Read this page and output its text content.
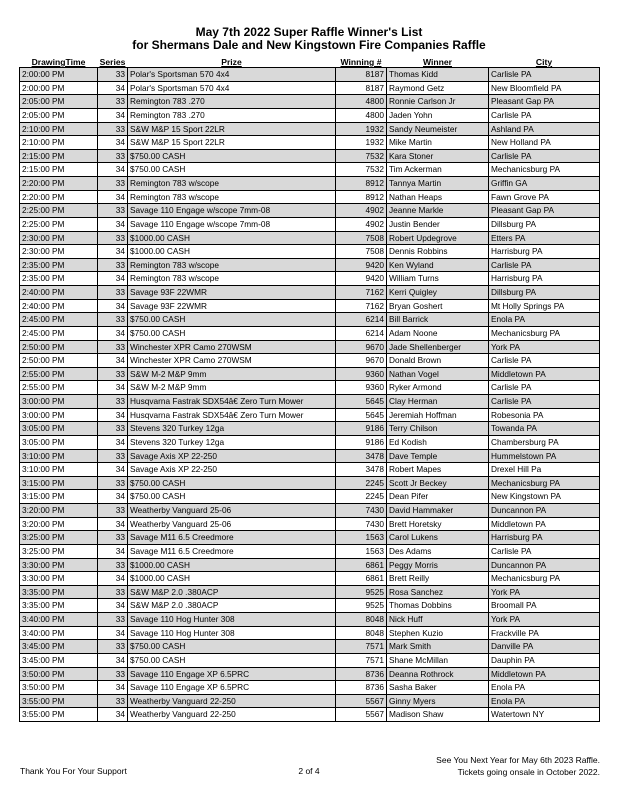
May 7th 2022 Super Raffle Winner's List
for Shermans Dale and New Kingstown Fire Companies Raffle
DrawingTime	Series	Prize	Winning #	Winner	City
2:00:00 PM	33	Polar's Sportsman 570 4x4	8187	Thomas Kidd	Carlisle PA
2:00:00 PM	34	Polar's Sportsman 570 4x4	8187	Raymond Getz	New Bloomfield PA
2:05:00 PM	33	Remington 783 .270	4800	Ronnie Carlson Jr	Pleasant Gap PA
2:05:00 PM	34	Remington 783 .270	4800	Jaden Yohn	Carlisle PA
2:10:00 PM	33	S&W M&P 15 Sport 22LR	1932	Sandy Neumeister	Ashland PA
2:10:00 PM	34	S&W M&P 15 Sport 22LR	1932	Mike Martin	New Holland PA
2:15:00 PM	33	$750.00 CASH	7532	Kara Stoner	Carlisle PA
2:15:00 PM	34	$750.00 CASH	7532	Tim Ackerman	Mechanicsburg PA
2:20:00 PM	33	Remington 783 w/scope	8912	Tannya Martin	Griffin GA
2:20:00 PM	34	Remington 783 w/scope	8912	Nathan Heaps	Fawn Grove PA
2:25:00 PM	33	Savage 110 Engage w/scope 7mm-08	4902	Jeanne Markle	Pleasant Gap PA
2:25:00 PM	34	Savage 110 Engage w/scope 7mm-08	4902	Justin Bender	Dillsburg PA
2:30:00 PM	33	$1000.00 CASH	7508	Robert Updegrove	Etters PA
2:30:00 PM	34	$1000.00 CASH	7508	Dennis Robbins	Harrisburg PA
2:35:00 PM	33	Remington 783 w/scope	9420	Ken Wyland	Carlisle PA
2:35:00 PM	34	Remington 783 w/scope	9420	William Turns	Harrisburg PA
2:40:00 PM	33	Savage 93F 22WMR	7162	Kerri Quigley	Dillsburg PA
2:40:00 PM	34	Savage 93F 22WMR	7162	Bryan Goshert	Mt Holly Springs PA
2:45:00 PM	33	$750.00 CASH	6214	Bill Barrick	Enola PA
2:45:00 PM	34	$750.00 CASH	6214	Adam Noone	Mechanicsburg PA
2:50:00 PM	33	Winchester XPR Camo 270WSM	9670	Jade Shellenberger	York PA
2:50:00 PM	34	Winchester XPR Camo 270WSM	9670	Donald Brown	Carlisle PA
2:55:00 PM	33	S&W M-2 M&P 9mm	9360	Nathan Vogel	Middletown PA
2:55:00 PM	34	S&W M-2 M&P 9mm	9360	Ryker Armond	Carlisle PA
3:00:00 PM	33	Husqvarna Fastrak SDX54â€ Zero Turn Mower	5645	Clay Herman	Carlisle PA
3:00:00 PM	34	Husqvarna Fastrak SDX54â€ Zero Turn Mower	5645	Jeremiah Hoffman	Robesonia PA
3:05:00 PM	33	Stevens 320 Turkey 12ga	9186	Terry Chilson	Towanda PA
3:05:00 PM	34	Stevens 320 Turkey 12ga	9186	Ed Kodish	Chambersburg PA
3:10:00 PM	33	Savage Axis XP 22-250	3478	Dave Temple	Hummelstown PA
3:10:00 PM	34	Savage Axis XP 22-250	3478	Robert Mapes	Drexel Hill Pa
3:15:00 PM	33	$750.00 CASH	2245	Scott Jr Beckey	Mechanicsburg PA
3:15:00 PM	34	$750.00 CASH	2245	Dean Pifer	New Kingstown PA
3:20:00 PM	33	Weatherby Vanguard 25-06	7430	David Hammaker	Duncannon PA
3:20:00 PM	34	Weatherby Vanguard 25-06	7430	Brett Horetsky	Middletown PA
3:25:00 PM	33	Savage M11 6.5 Creedmore	1563	Carol Lukens	Harrisburg PA
3:25:00 PM	34	Savage M11 6.5 Creedmore	1563	Des Adams	Carlisle PA
3:30:00 PM	33	$1000.00 CASH	6861	Peggy Morris	Duncannon PA
3:30:00 PM	34	$1000.00 CASH	6861	Brett Reilly	Mechanicsburg PA
3:35:00 PM	33	S&W M&P 2.0 .380ACP	9525	Rosa Sanchez	York PA
3:35:00 PM	34	S&W M&P 2.0 .380ACP	9525	Thomas Dobbins	Broomall PA
3:40:00 PM	33	Savage 110 Hog Hunter 308	8048	Nick Huff	York PA
3:40:00 PM	34	Savage 110 Hog Hunter 308	8048	Stephen Kuzio	Frackville PA
3:45:00 PM	33	$750.00 CASH	7571	Mark Smith	Danville PA
3:45:00 PM	34	$750.00 CASH	7571	Shane McMillan	Dauphin PA
3:50:00 PM	33	Savage 110 Engage XP 6.5PRC	8736	Deanna Rothrock	Middletown PA
3:50:00 PM	34	Savage 110 Engage XP 6.5PRC	8736	Sasha Baker	Enola PA
3:55:00 PM	33	Weatherby Vanguard 22-250	5567	Ginny Myers	Enola PA
3:55:00 PM	34	Weatherby Vanguard 22-250	5567	Madison Shaw	Watertown NY
Thank You For Your Support	2 of 4
See You Next Year for May 6th 2023 Raffle.
Tickets going onsale in October 2022.
